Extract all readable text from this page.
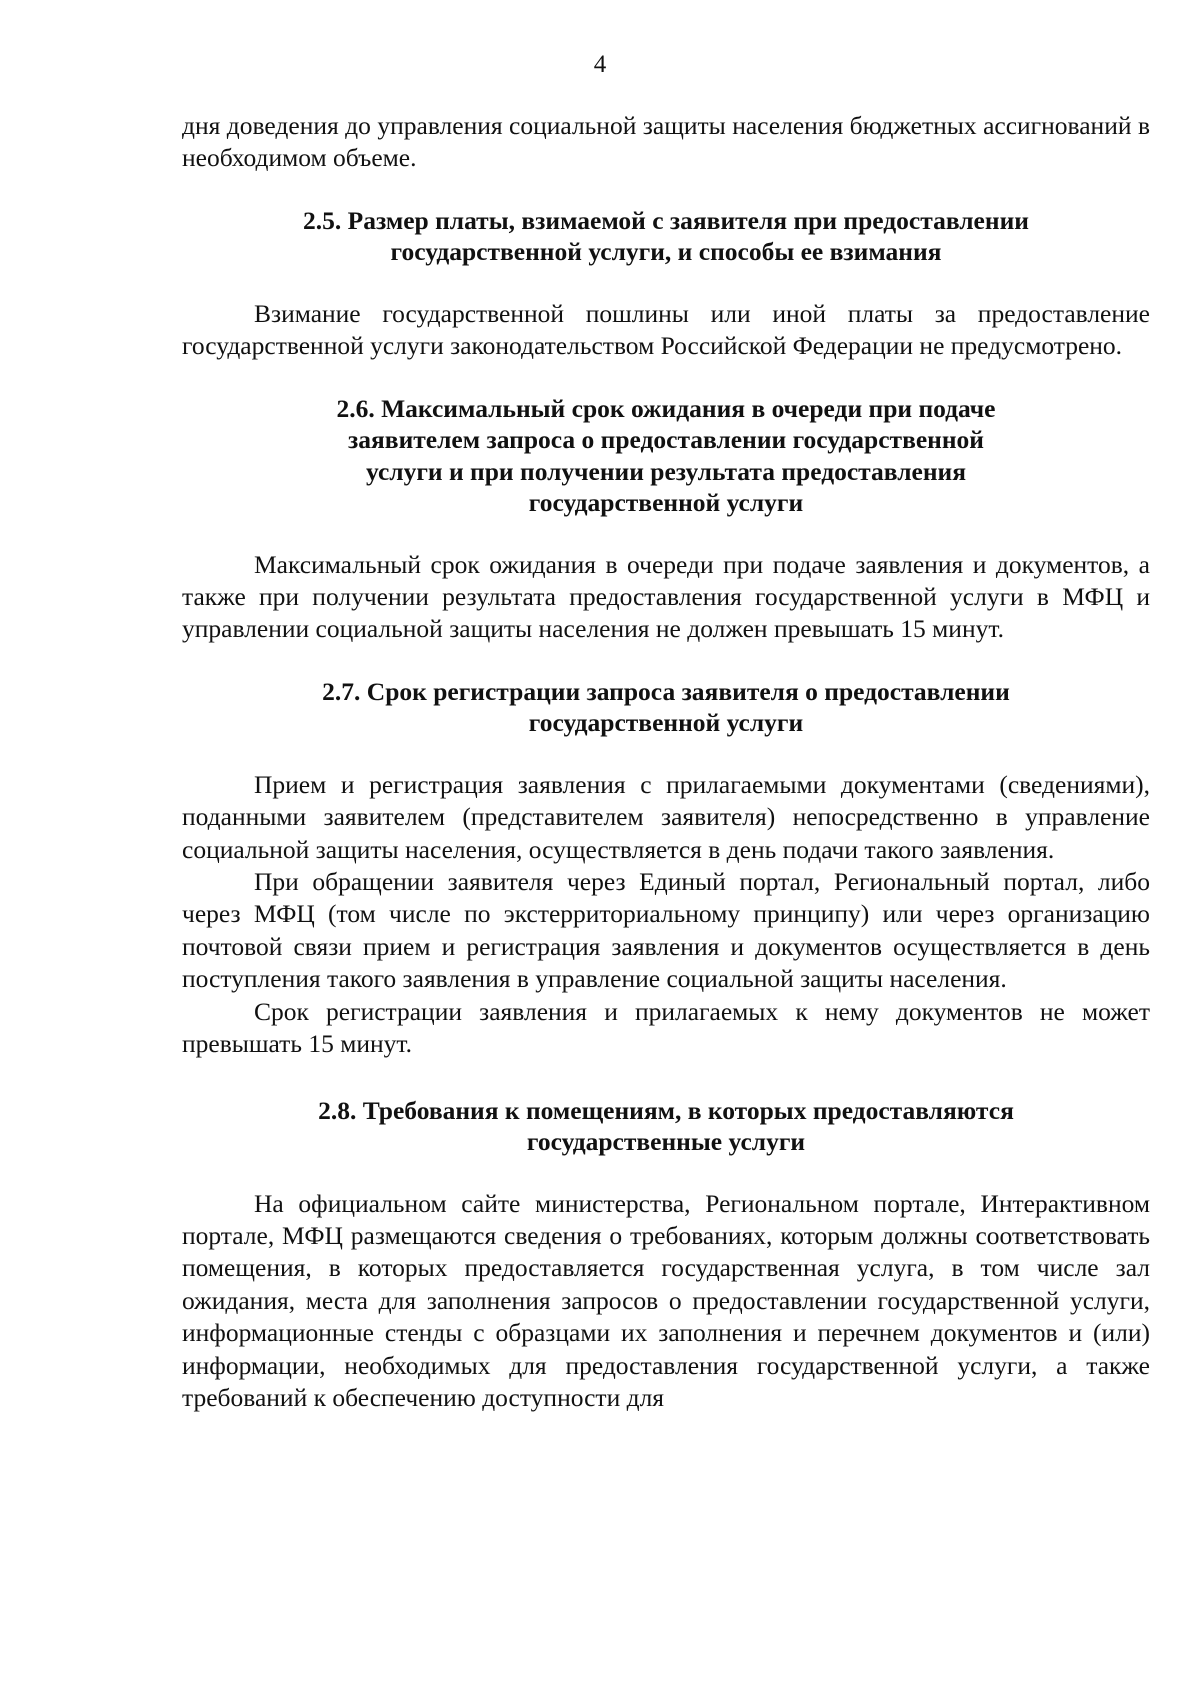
4

дня доведения до управления социальной защиты населения бюджетных ассигнований в необходимом объеме.

2.5. Размер платы, взимаемой с заявителя при предоставлении
государственной услуги, и способы ее взимания

Взимание государственной пошлины или иной платы за предоставление государственной услуги законодательством Российской Федерации не предусмотрено.

2.6. Максимальный срок ожидания в очереди при подаче
заявителем запроса о предоставлении государственной
услуги и при получении результата предоставления
государственной услуги

Максимальный срок ожидания в очереди при подаче заявления и документов, а также при получении результата предоставления государственной услуги в МФЦ и управлении социальной защиты населения не должен превышать 15 минут.

2.7. Срок регистрации запроса заявителя о предоставлении
государственной услуги

Прием и регистрация заявления с прилагаемыми документами (сведениями), поданными заявителем (представителем заявителя) непосредственно в управление социальной защиты населения, осуществляется в день подачи такого заявления.

При обращении заявителя через Единый портал, Региональный портал, либо через МФЦ (том числе по экстерриториальному принципу) или через организацию почтовой связи прием и регистрация заявления и документов осуществляется в день поступления такого заявления в управление социальной защиты населения.

Срок регистрации заявления и прилагаемых к нему документов не может превышать 15 минут.

2.8. Требования к помещениям, в которых предоставляются
государственные услуги

На официальном сайте министерства, Региональном портале, Интерактивном портале, МФЦ размещаются сведения о требованиях, которым должны соответствовать помещения, в которых предоставляется государственная услуга, в том числе зал ожидания, места для заполнения запросов о предоставлении государственной услуги, информационные стенды с образцами их заполнения и перечнем документов и (или) информации, необходимых для предоставления государственной услуги, а также требований к обеспечению доступности для
